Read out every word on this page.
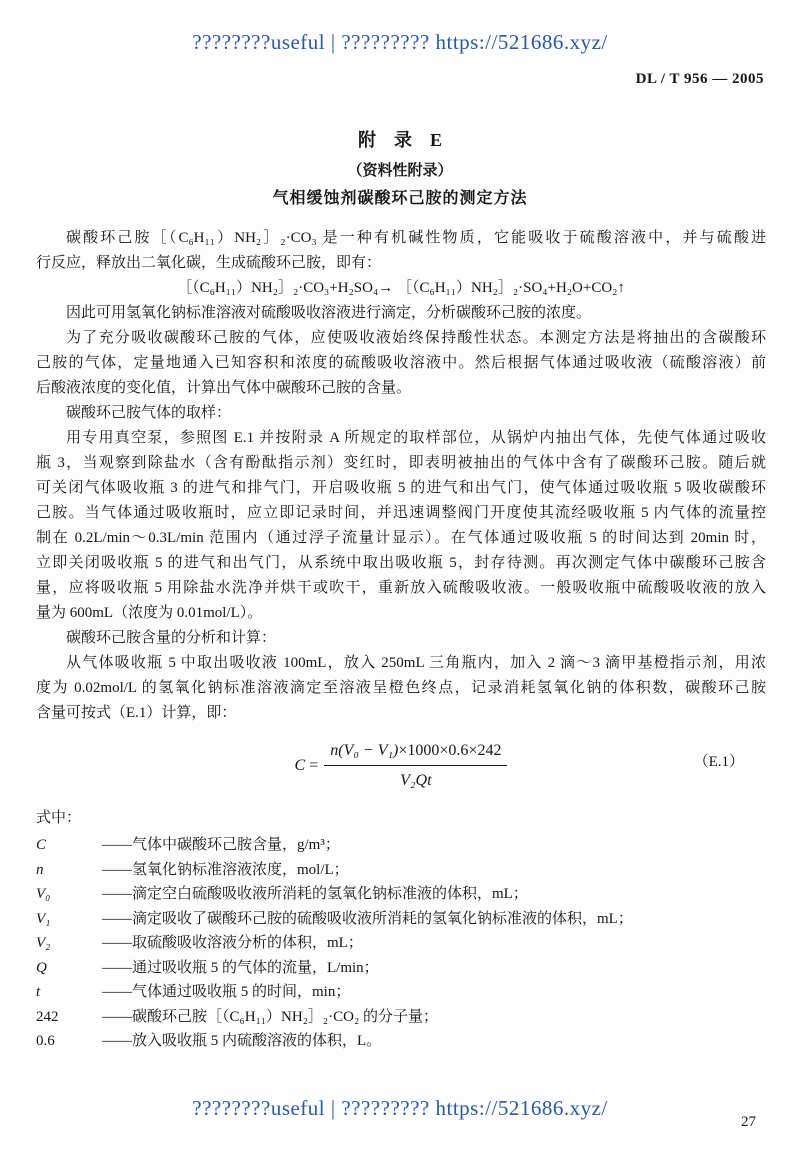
????????useful | ????????? https://521686.xyz/
DL / T 956 — 2005
附　录　E
（资料性附录）
气相缓蚀剂碳酸环己胺的测定方法
碳酸环己胺［（C₆H₁₁）NH₂］₂·CO₃ 是一种有机碱性物质，它能吸收于硫酸溶液中，并与硫酸进
行反应，释放出二氧化碳，生成硫酸环己胺，即有：
［（C₆H₁₁）NH₂］₂·CO₃+H₂SO₄→ ［（C₆H₁₁）NH₂］₂·SO₄+H₂O+CO₂↑
因此可用氢氧化钠标准溶液对硫酸吸收溶液进行滴定，分析碳酸环己胺的浓度。
为了充分吸收碳酸环己胺的气体，应使吸收液始终保持酸性状态。本测定方法是将抽出的含碳酸环
己胺的气体，定量地通入已知容积和浓度的硫酸吸收溶液中。然后根据气体通过吸收液（硫酸溶液）前
后酸液浓度的变化值，计算出气体中碳酸环己胺的含量。
碳酸环己胺气体的取样：
用专用真空泵，参照图 E.1 并按附录 A 所规定的取样部位，从锅炉内抽出气体，先使气体通过吸收
瓶 3，当观察到除盐水（含有酚酞指示剂）变红时，即表明被抽出的气体中含有了碳酸环己胺。随后就
可关闭气体吸收瓶 3 的进气和排气门，开启吸收瓶 5 的进气和出气门，使气体通过吸收瓶 5 吸收碳酸环
己胺。当气体通过吸收瓶时，应立即记录时间，并迅速调整阀门开度使其流经吸收瓶 5 内气体的流量控
制在 0.2L/min～0.3L/min 范围内（通过浮子流量计显示）。在气体通过吸收瓶 5 的时间达到 20min 时，
立即关闭吸收瓶 5 的进气和出气门，从系统中取出吸收瓶 5，封存待测。再次测定气体中碳酸环己胺含
量，应将吸收瓶 5 用除盐水洗净并烘干或吹干，重新放入硫酸吸收液。一般吸收瓶中硫酸吸收液的放入
量为 600mL（浓度为 0.01mol/L）。
碳酸环己胺含量的分析和计算：
从气体吸收瓶 5 中取出吸收液 100mL，放入 250mL 三角瓶内，加入 2 滴～3 滴甲基橙指示剂，用浓
度为 0.02mol/L 的氢氧化钠标准溶液滴定至溶液呈橙色终点，记录消耗氢氧化钠的体积数，碳酸环己胺
含量可按式（E.1）计算，即：
$C = \frac{\text{n(V₀ − V₁)×1000×0.6×242}}{\text{V₂Qt}}$	（E.1）
式中：
C	——气体中碳酸环己胺含量，g/m³；
n	——氢氧化钠标准溶液浓度，mol/L；
V₀	——滴定空白硫酸吸收液所消耗的氢氧化钠标准液的体积，mL；
V₁	——滴定吸收了碳酸环己胺的硫酸吸收液所消耗的氢氧化钠标准液的体积，mL；
V₂	——取硫酸吸收溶液分析的体积，mL；
Q	——通过吸收瓶 5 的气体的流量，L/min；
t	——气体通过吸收瓶 5 的时间，min；
242	——碳酸环己胺［（C₆H₁₁）NH₂］₂·CO₂ 的分子量；
0.6	——放入吸收瓶 5 内硫酸溶液的体积，L。
????????useful | ????????? https://521686.xyz/
27
